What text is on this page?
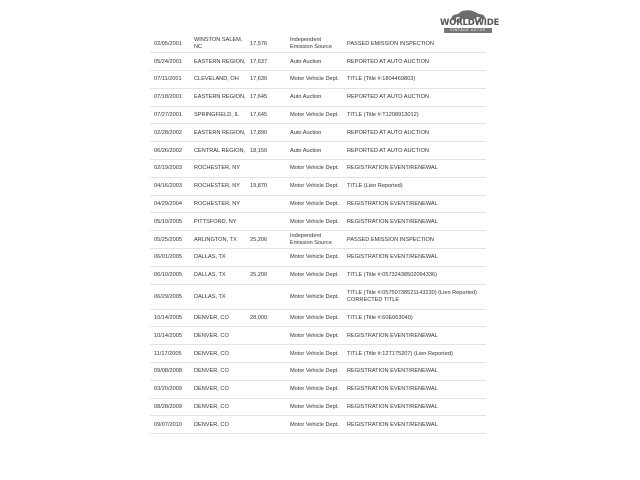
WORLDWIDE
VINTAGE AUTOS
02/05/2001	WINSTON SALEM, NC	17,576	Independent Emission Source	PASSED EMISSION INSPECTION
05/24/2001	EASTERN REGION,	17,637	Auto Auction	REPORTED AT AUTO AUCTION
07/11/2001	CLEVELAND, OH	17,630	Motor Vehicle Dept.	TITLE (Title #:1804469803)
07/18/2001	EASTERN REGION,	17,645	Auto Auction	REPORTED AT AUTO AUCTION
07/27/2001	SPRINGFIELD, IL	17,645	Motor Vehicle Dept.	TITLE (Title #:T1208913012)
02/28/2002	EASTERN REGION,	17,890	Auto Auction	REPORTED AT AUTO AUCTION
06/26/2002	CENTRAL REGION,	18,150	Auto Auction	REPORTED AT AUTO AUCTION
02/19/2003	ROCHESTER, NY		Motor Vehicle Dept.	REGISTRATION EVENT/RENEWAL
04/16/2003	ROCHESTER, NY	19,870	Motor Vehicle Dept.	TITLE (Lien Reported)
04/29/2004	ROCHESTER, NY		Motor Vehicle Dept.	REGISTRATION EVENT/RENEWAL
05/10/2005	PITTSFORD, NY		Motor Vehicle Dept.	REGISTRATION EVENT/RENEWAL
05/25/2005	ARLINGTON, TX	25,206	Independent Emission Source	PASSED EMISSION INSPECTION
06/01/2005	DALLAS, TX		Motor Vehicle Dept.	REGISTRATION EVENT/RENEWAL
06/10/2005	DALLAS, TX	25,200	Motor Vehicle Dept.	TITLE (Title #:05732438502094336)
06/29/2005	DALLAS, TX		Motor Vehicle Dept.	TITLE (Title #:05750738521143230) (Lien Reported)
CORRECTED TITLE

10/14/2005	DENVER, CO	28,000	Motor Vehicle Dept.	TITLE (Title #:60E063040)
10/14/2005	DENVER, CO		Motor Vehicle Dept.	REGISTRATION EVENT/RENEWAL
11/17/2005	DENVER, CO		Motor Vehicle Dept.	TITLE (Title #:12T175207) (Lien Reported)
09/08/2008	DENVER, CO		Motor Vehicle Dept.	REGISTRATION EVENT/RENEWAL
03/20/2009	DENVER, CO		Motor Vehicle Dept.	REGISTRATION EVENT/RENEWAL
08/28/2009	DENVER, CO		Motor Vehicle Dept.	REGISTRATION EVENT/RENEWAL
09/07/2010	DENVER, CO		Motor Vehicle Dept.	REGISTRATION EVENT/RENEWAL
